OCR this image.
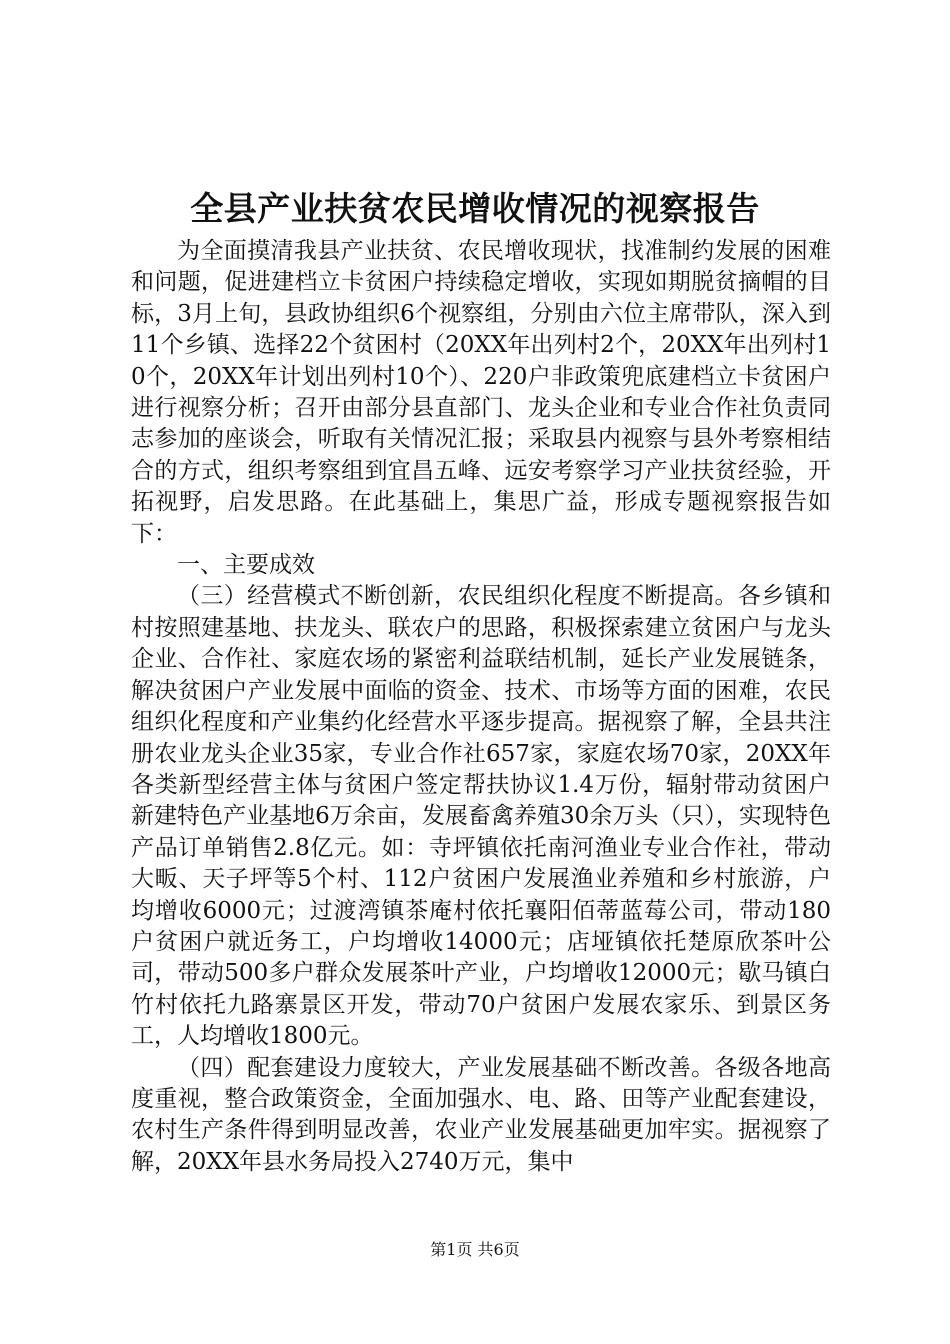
全县产业扶贫农民增收情况的视察报告

为全面摸清我县产业扶贫、农民增收现状，找准制约发展的困难和问题，促进建档立卡贫困户持续稳定增收，实现如期脱贫摘帽的目标，3月上旬，县政协组织6个视察组，分别由六位主席带队，深入到11个乡镇、选择22个贫困村（20XX年出列村2个，20XX年出列村10个，20XX年计划出列村10个）、220户非政策兜底建档立卡贫困户进行视察分析；召开由部分县直部门、龙头企业和专业合作社负责同志参加的座谈会，听取有关情况汇报；采取县内视察与县外考察相结合的方式，组织考察组到宜昌五峰、远安考察学习产业扶贫经验，开拓视野，启发思路。在此基础上，集思广益，形成专题视察报告如下：

一、主要成效

（三）经营模式不断创新，农民组织化程度不断提高。各乡镇和村按照建基地、扶龙头、联农户的思路，积极探索建立贫困户与龙头企业、合作社、家庭农场的紧密利益联结机制，延长产业发展链条，解决贫困户产业发展中面临的资金、技术、市场等方面的困难，农民组织化程度和产业集约化经营水平逐步提高。据视察了解，全县共注册农业龙头企业35家，专业合作社657家，家庭农场70家，20XX年各类新型经营主体与贫困户签定帮扶协议1.4万份，辐射带动贫困户新建特色产业基地6万余亩，发展畜禽养殖30余万头（只），实现特色产品订单销售2.8亿元。如：寺坪镇依托南河渔业专业合作社，带动大畈、天子坪等5个村、112户贫困户发展渔业养殖和乡村旅游，户均增收6000元；过渡湾镇茶庵村依托襄阳佰蒂蓝莓公司，带动180户贫困户就近务工，户均增收14000元；店垭镇依托楚原欣茶叶公司，带动500多户群众发展茶叶产业，户均增收12000元；歇马镇白竹村依托九路寨景区开发，带动70户贫困户发展农家乐、到景区务工，人均增收1800元。

（四）配套建设力度较大，产业发展基础不断改善。各级各地高度重视，整合政策资金，全面加强水、电、路、田等产业配套建设，农村生产条件得到明显改善，农业产业发展基础更加牢实。据视察了解，20XX年县水务局投入2740万元，集中

第1页 共6页
